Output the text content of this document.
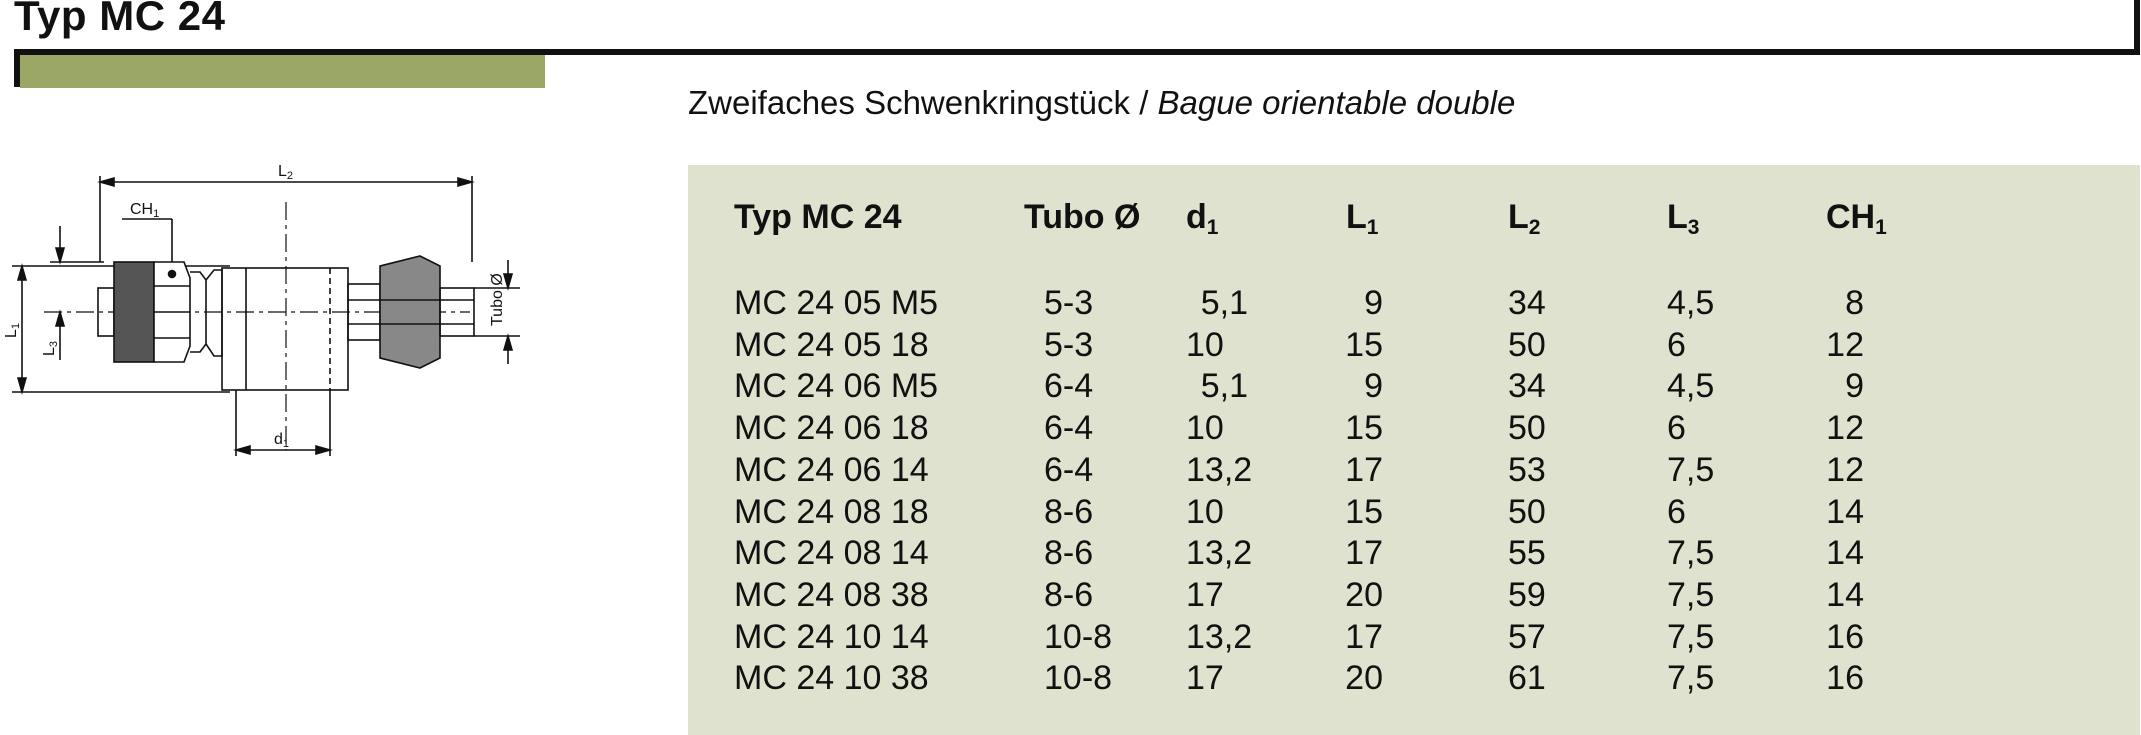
Typ MC 24
Zweifaches Schwenkringstück / Bague orientable double
L2
CH1
d1
L1
L3
Tubo Ø
Typ MC 24	Tubo Ø $d_1$	$L_1$	$L_2$	$L_3$	$CH_1$
MC 24 05 M5	5-3	5,1	9	34	4,5	8
MC 24 05 18	5-3	10	15	50	6	12
MC 24 06 M5	6-4	5,1	9	34	4,5	9
MC 24 06 18	6-4	10	15	50	6	12
MC 24 06 14	6-4	13,2	17	53	7,5	12
MC 24 08 18	8-6	10	15	50	6	14
MC 24 08 14	8-6	13,2	17	55	7,5	14
MC 24 08 38	8-6	17	20	59	7,5	14
MC 24 10 14	10-8 13,2	17	57	7,5	16
MC 24 10 38	10-8 17	20	61	7,5	16
